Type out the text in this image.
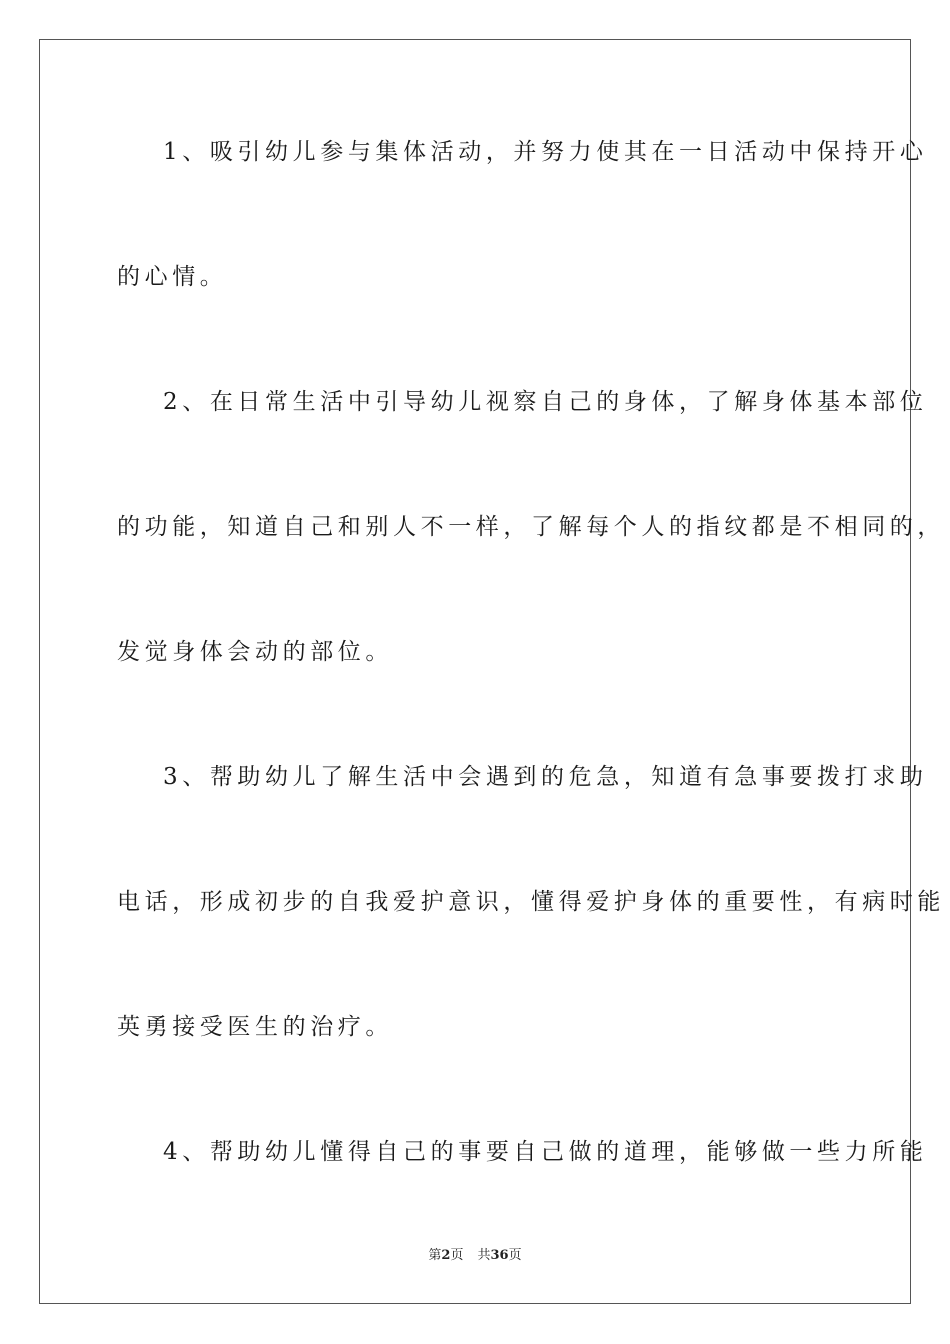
1、吸引幼儿参与集体活动，并努力使其在一日活动中保持开心
的心情。
2、在日常生活中引导幼儿视察自己的身体，了解身体基本部位
的功能，知道自己和别人不一样，了解每个人的指纹都是不相同的，
发觉身体会动的部位。
3、帮助幼儿了解生活中会遇到的危急，知道有急事要拨打求助
电话，形成初步的自我爱护意识，懂得爱护身体的重要性，有病时能
英勇接受医生的治疗。
4、帮助幼儿懂得自己的事要自己做的道理，能够做一些力所能
第2页 共36页
